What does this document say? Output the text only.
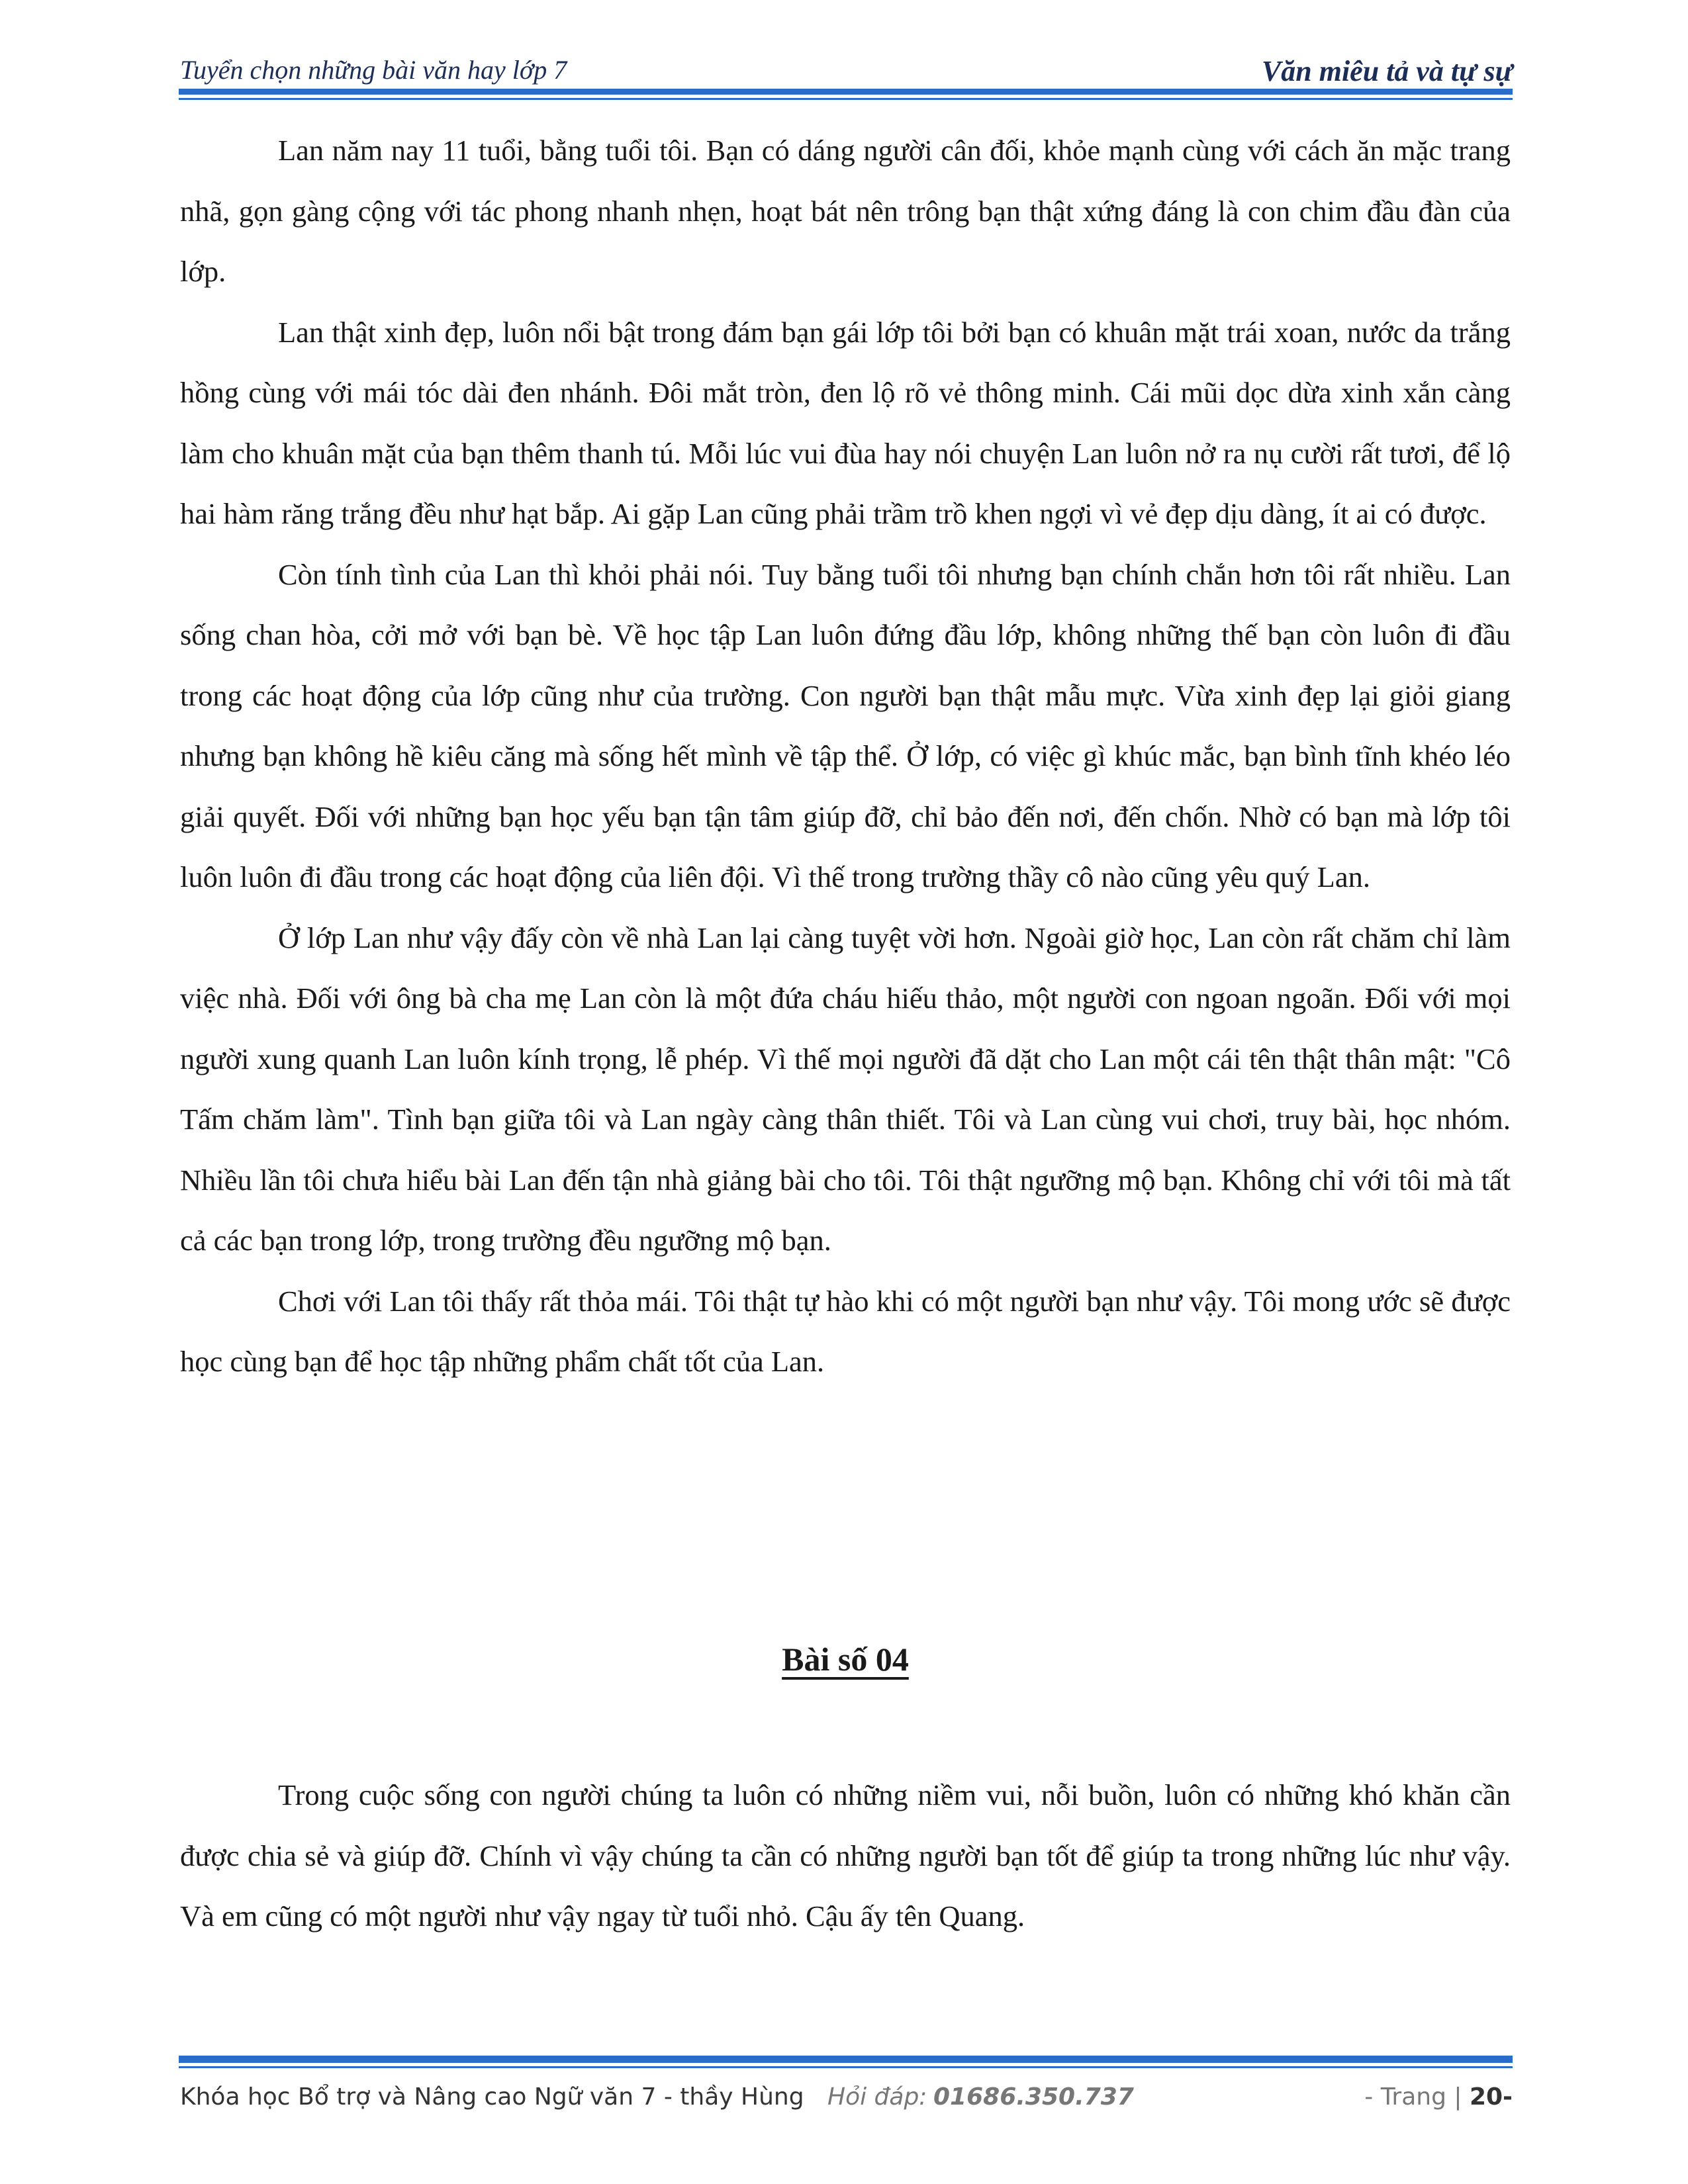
Tuyển chọn những bài văn hay lớp 7	Văn miêu tả và tự sự

Lan năm nay 11 tuổi, bằng tuổi tôi. Bạn có dáng người cân đối, khỏe mạnh cùng với cách ăn mặc trang nhã, gọn gàng cộng với tác phong nhanh nhẹn, hoạt bát nên trông bạn thật xứng đáng là con chim đầu đàn của lớp.

Lan thật xinh đẹp, luôn nổi bật trong đám bạn gái lớp tôi bởi bạn có khuân mặt trái xoan, nước da trắng hồng cùng với mái tóc dài đen nhánh. Đôi mắt tròn, đen lộ rõ vẻ thông minh. Cái mũi dọc dừa xinh xắn càng làm cho khuân mặt của bạn thêm thanh tú. Mỗi lúc vui đùa hay nói chuyện Lan luôn nở ra nụ cười rất tươi, để lộ hai hàm răng trắng đều như hạt bắp. Ai gặp Lan cũng phải trầm trồ khen ngợi vì vẻ đẹp dịu dàng, ít ai có được.

Còn tính tình của Lan thì khỏi phải nói. Tuy bằng tuổi tôi nhưng bạn chính chắn hơn tôi rất nhiều. Lan sống chan hòa, cởi mở với bạn bè. Về học tập Lan luôn đứng đầu lớp, không những thế bạn còn luôn đi đầu trong các hoạt động của lớp cũng như của trường. Con người bạn thật mẫu mực. Vừa xinh đẹp lại giỏi giang nhưng bạn không hề kiêu căng mà sống hết mình về tập thể. Ở lớp, có việc gì khúc mắc, bạn bình tĩnh khéo léo giải quyết. Đối với những bạn học yếu bạn tận tâm giúp đỡ, chỉ bảo đến nơi, đến chốn. Nhờ có bạn mà lớp tôi luôn luôn đi đầu trong các hoạt động của liên đội. Vì thế trong trường thầy cô nào cũng yêu quý Lan.

Ở lớp Lan như vậy đấy còn về nhà Lan lại càng tuyệt vời hơn. Ngoài giờ học, Lan còn rất chăm chỉ làm việc nhà. Đối với ông bà cha mẹ Lan còn là một đứa cháu hiếu thảo, một người con ngoan ngoãn. Đối với mọi người xung quanh Lan luôn kính trọng, lễ phép. Vì thế mọi người đã dặt cho Lan một cái tên thật thân mật: "Cô Tấm chăm làm". Tình bạn giữa tôi và Lan ngày càng thân thiết. Tôi và Lan cùng vui chơi, truy bài, học nhóm. Nhiều lần tôi chưa hiểu bài Lan đến tận nhà giảng bài cho tôi. Tôi thật ngưỡng mộ bạn. Không chỉ với tôi mà tất cả các bạn trong lớp, trong trường đều ngưỡng mộ bạn.

Chơi với Lan tôi thấy rất thỏa mái. Tôi thật tự hào khi có một người bạn như vậy. Tôi mong ước sẽ được học cùng bạn để học tập những phẩm chất tốt của Lan.

Bài số 04

Trong cuộc sống con người chúng ta luôn có những niềm vui, nỗi buồn, luôn có những khó khăn cần được chia sẻ và giúp đỡ. Chính vì vậy chúng ta cần có những người bạn tốt để giúp ta trong những lúc như vậy. Và em cũng có một người như vậy ngay từ tuổi nhỏ. Cậu ấy tên Quang.

Khóa học Bổ trợ và Nâng cao Ngữ văn 7 - thầy Hùng Hỏi đáp: 01686.350.737	- Trang | 20-
